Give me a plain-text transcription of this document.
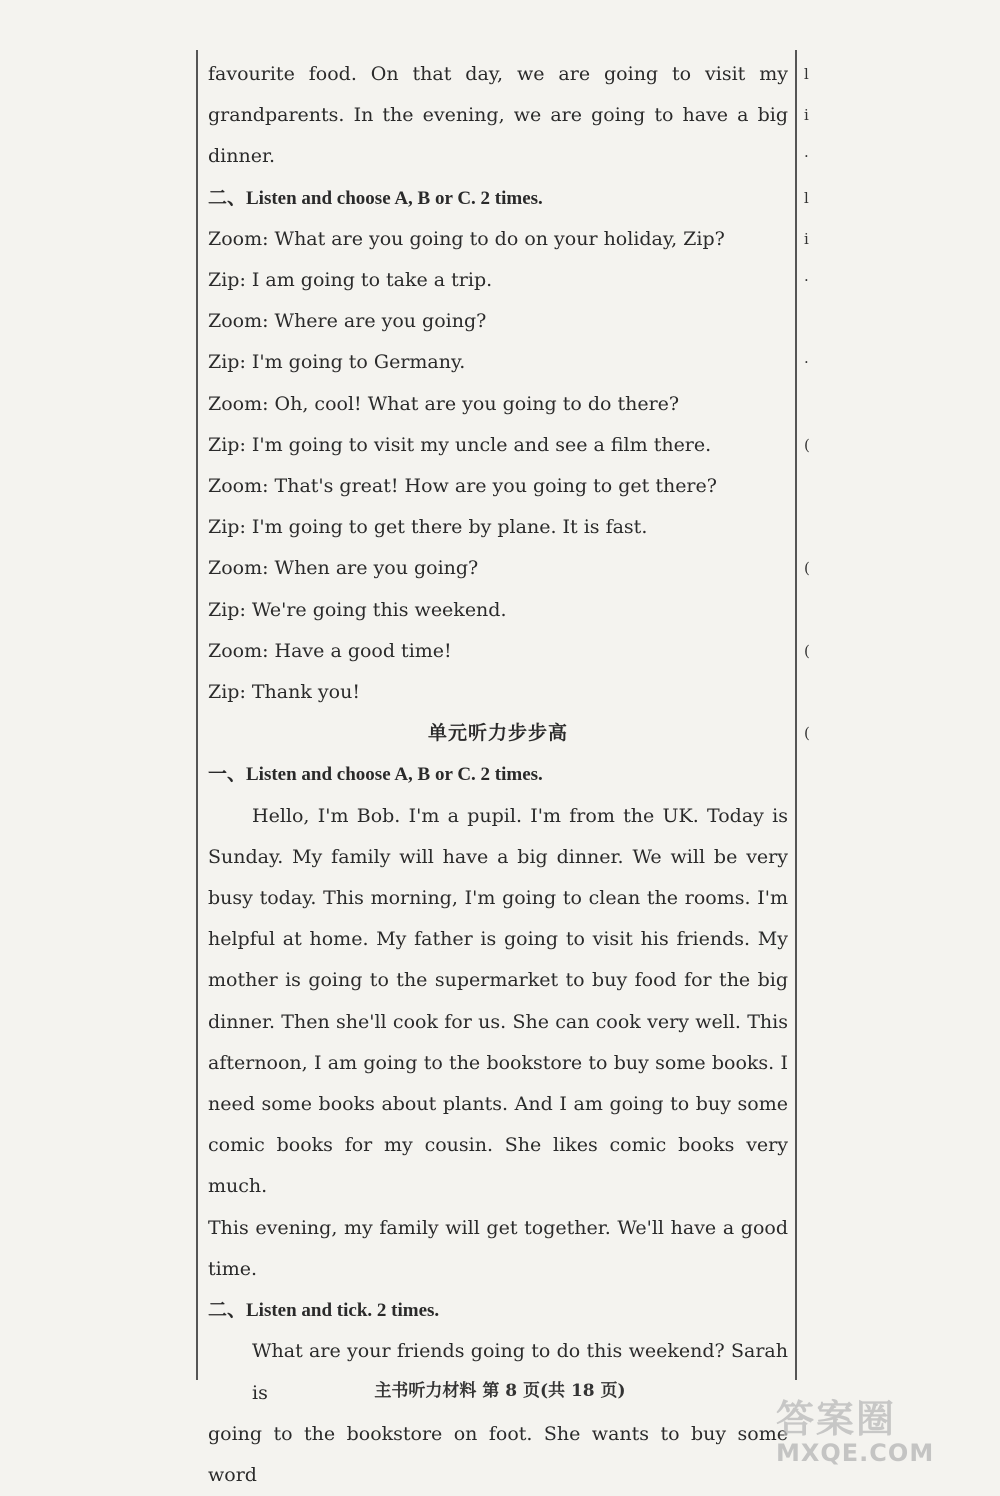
favourite food. On that day, we are going to visit my
grandparents. In the evening, we are going to have a big
dinner.
二、Listen and choose A, B or C. 2 times.
Zoom: What are you going to do on your holiday, Zip?
Zip: I am going to take a trip.
Zoom: Where are you going?
Zip: I'm going to Germany.
Zoom: Oh, cool! What are you going to do there?
Zip: I'm going to visit my uncle and see a film there.
Zoom: That's great! How are you going to get there?
Zip: I'm going to get there by plane. It is fast.
Zoom: When are you going?
Zip: We're going this weekend.
Zoom: Have a good time!
Zip: Thank you!
单元听力步步高
一、Listen and choose A, B or C. 2 times.
Hello, I'm Bob. I'm a pupil. I'm from the UK. Today is
Sunday. My family will have a big dinner. We will be very
busy today. This morning, I'm going to clean the rooms. I'm
helpful at home. My father is going to visit his friends. My
mother is going to the supermarket to buy food for the big
dinner. Then she'll cook for us. She can cook very well. This
afternoon, I am going to the bookstore to buy some books. I
need some books about plants. And I am going to buy some
comic books for my cousin. She likes comic books very much.
This evening, my family will get together. We'll have a good
time.
二、Listen and tick. 2 times.
What are your friends going to do this weekend? Sarah is
going to the bookstore on foot. She wants to buy some word
l
i
·
l
i
·
·
(
(
(
(
主书听力材料 第 8 页(共 18 页)
答案圈
MXQE.COM
